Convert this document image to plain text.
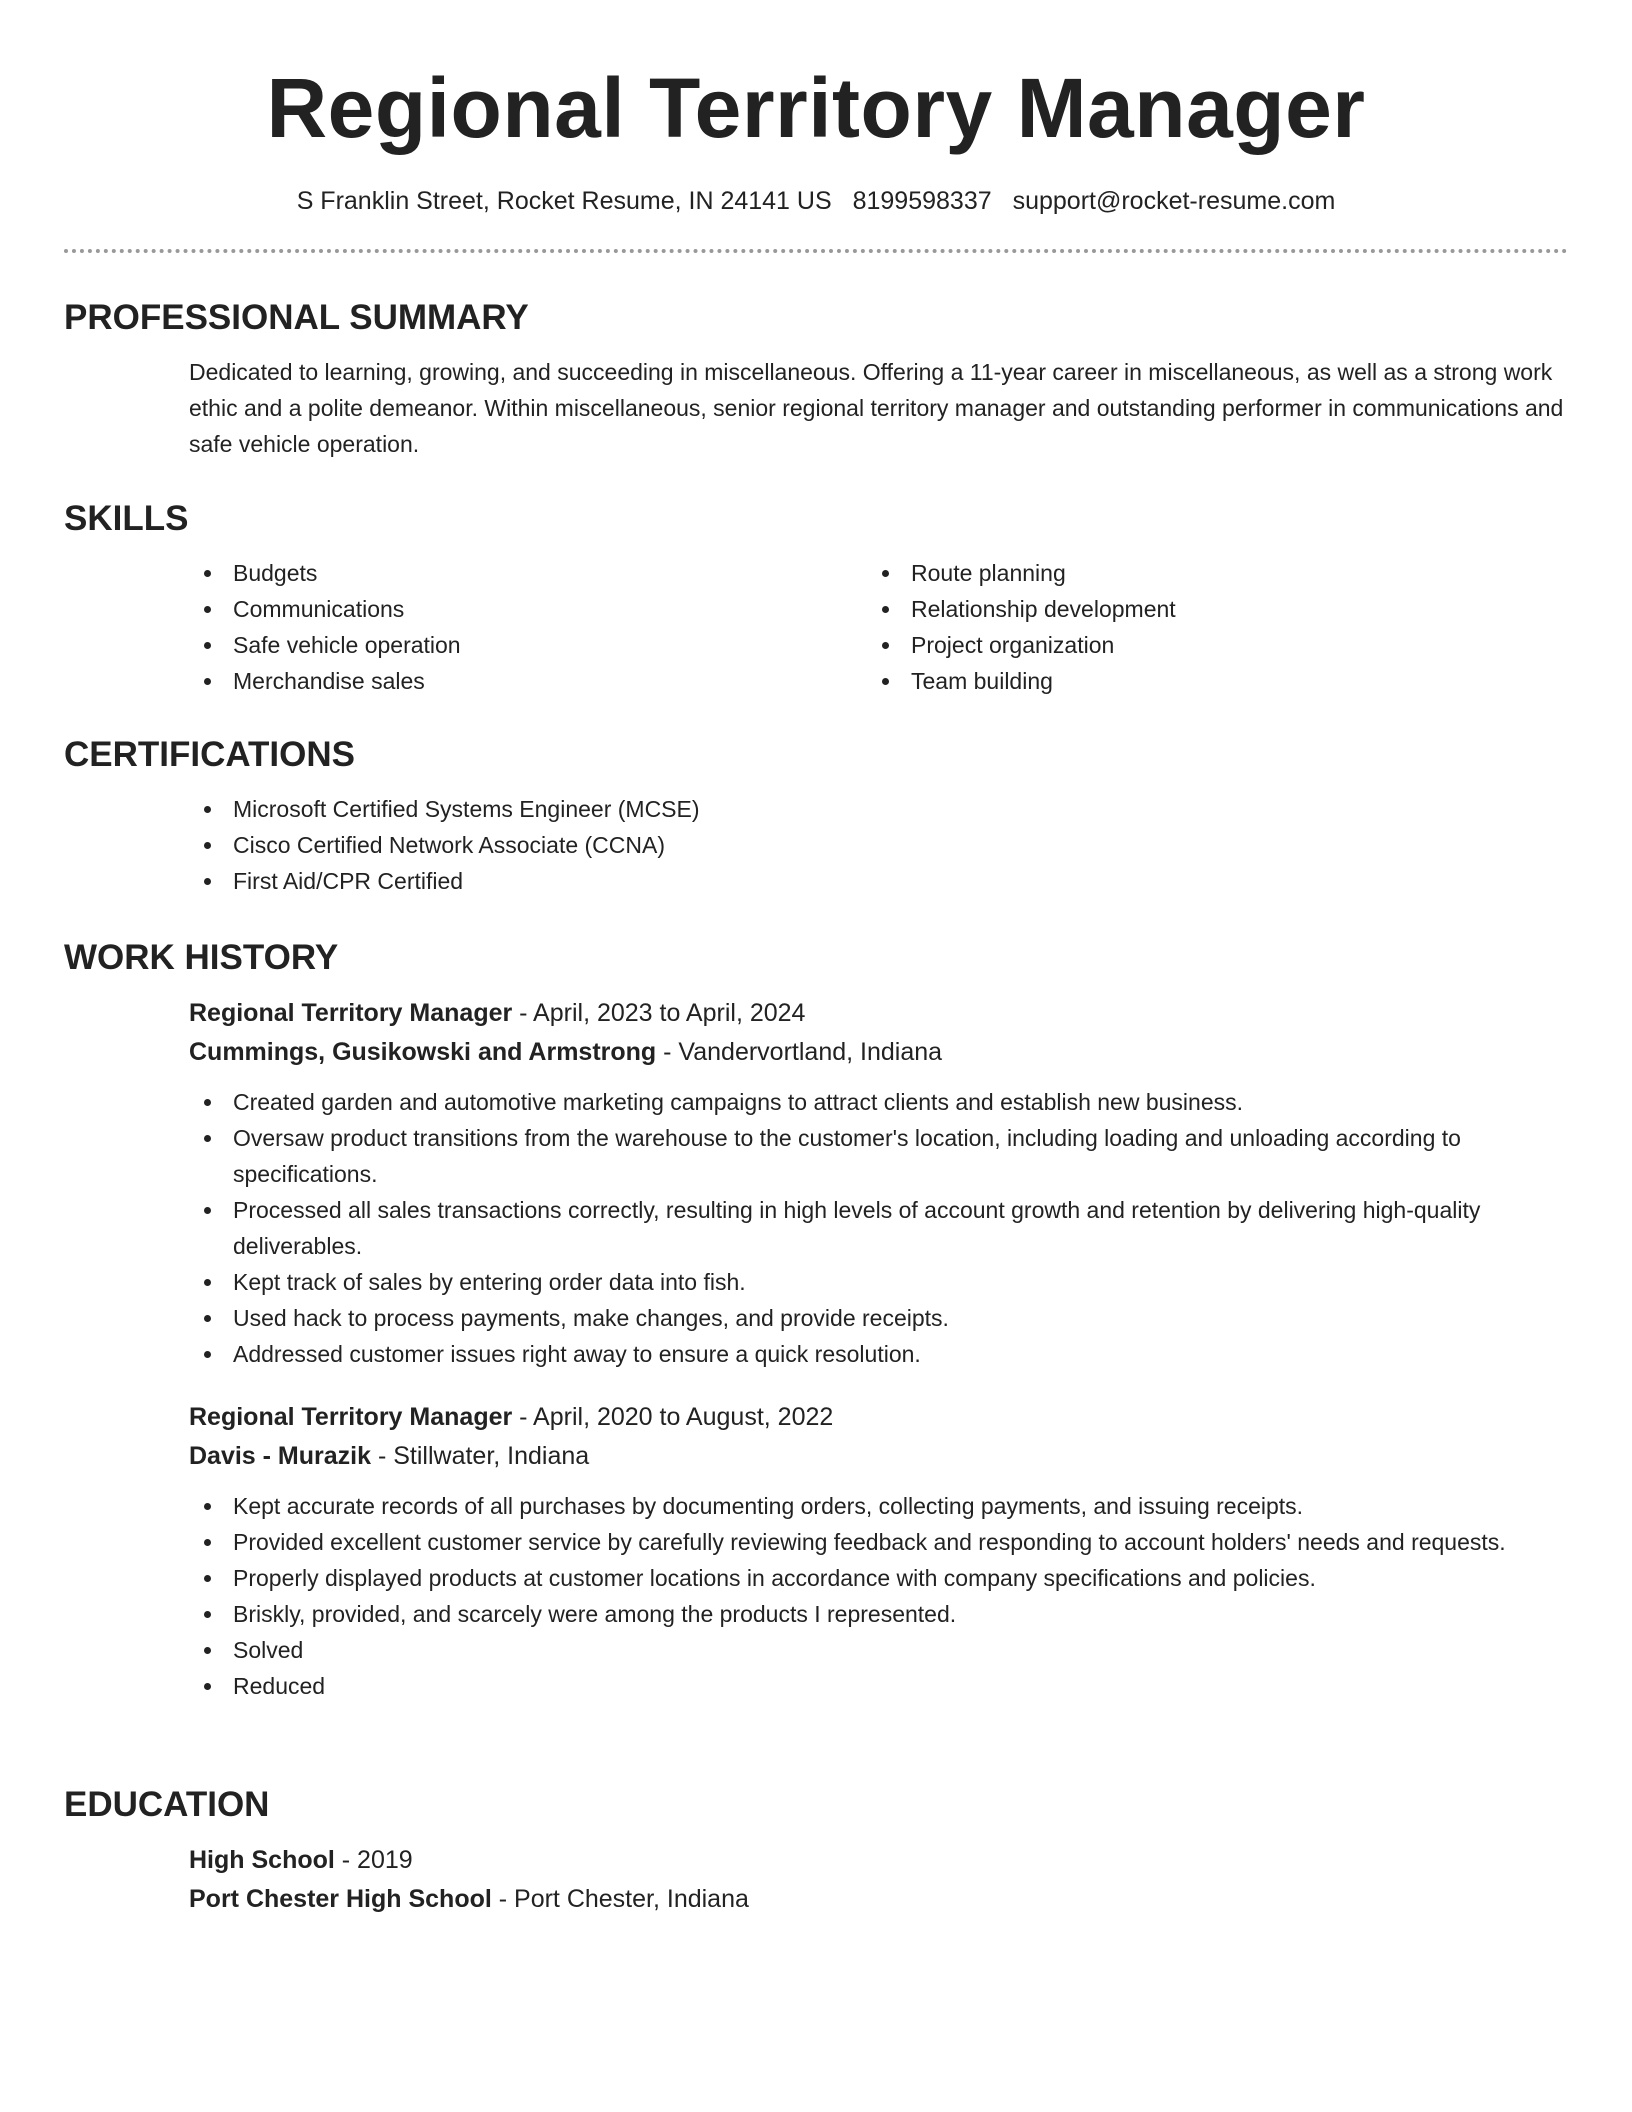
Regional Territory Manager
S Franklin Street, Rocket Resume, IN 24141 US 8199598337 support@rocket-resume.com
PROFESSIONAL SUMMARY
Dedicated to learning, growing, and succeeding in miscellaneous. Offering a 11-year career in miscellaneous, as well as a strong work ethic and a polite demeanor. Within miscellaneous, senior regional territory manager and outstanding performer in communications and safe vehicle operation.
SKILLS
Budgets
Communications
Safe vehicle operation
Merchandise sales
Route planning
Relationship development
Project organization
Team building
CERTIFICATIONS
Microsoft Certified Systems Engineer (MCSE)
Cisco Certified Network Associate (CCNA)
First Aid/CPR Certified
WORK HISTORY
Regional Territory Manager - April, 2023 to April, 2024
Cummings, Gusikowski and Armstrong - Vandervortland, Indiana
Created garden and automotive marketing campaigns to attract clients and establish new business.
Oversaw product transitions from the warehouse to the customer's location, including loading and unloading according to specifications.
Processed all sales transactions correctly, resulting in high levels of account growth and retention by delivering high-quality deliverables.
Kept track of sales by entering order data into fish.
Used hack to process payments, make changes, and provide receipts.
Addressed customer issues right away to ensure a quick resolution.
Regional Territory Manager - April, 2020 to August, 2022
Davis - Murazik - Stillwater, Indiana
Kept accurate records of all purchases by documenting orders, collecting payments, and issuing receipts.
Provided excellent customer service by carefully reviewing feedback and responding to account holders' needs and requests.
Properly displayed products at customer locations in accordance with company specifications and policies.
Briskly, provided, and scarcely were among the products I represented.
Solved
Reduced
EDUCATION
High School - 2019
Port Chester High School - Port Chester, Indiana
